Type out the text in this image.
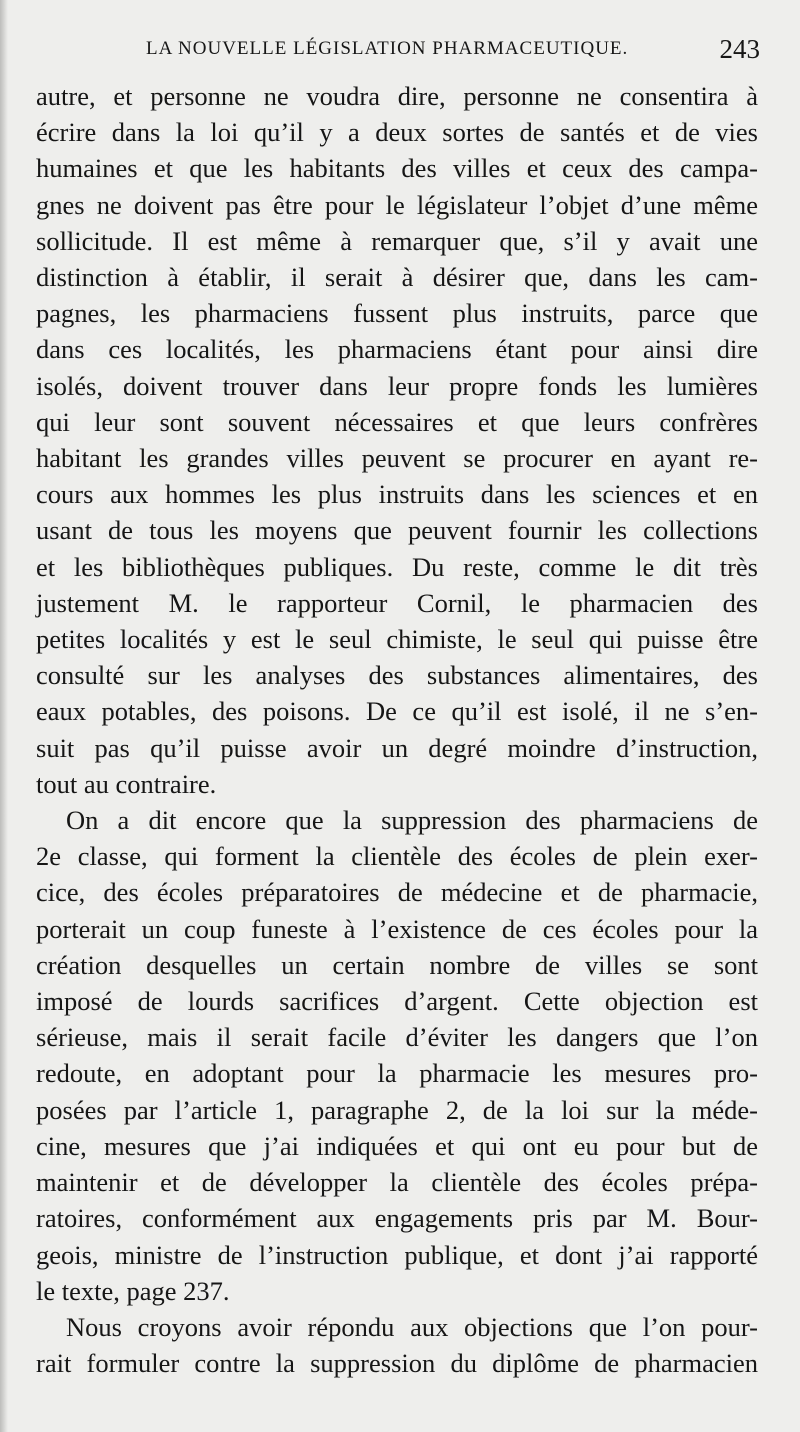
LA NOUVELLE LÉGISLATION PHARMACEUTIQUE.	243
autre, et personne ne voudra dire, personne ne consentira à
écrire dans la loi qu’il y a deux sortes de santés et de vies
humaines et que les habitants des villes et ceux des campa-
gnes ne doivent pas être pour le législateur l’objet d’une même
sollicitude. Il est même à remarquer que, s’il y avait une
distinction à établir, il serait à désirer que, dans les cam-
pagnes, les pharmaciens fussent plus instruits, parce que
dans ces localités, les pharmaciens étant pour ainsi dire
isolés, doivent trouver dans leur propre fonds les lumières
qui leur sont souvent nécessaires et que leurs confrères
habitant les grandes villes peuvent se procurer en ayant re-
cours aux hommes les plus instruits dans les sciences et en
usant de tous les moyens que peuvent fournir les collections
et les bibliothèques publiques. Du reste, comme le dit très
justement M. le rapporteur Cornil, le pharmacien des
petites localités y est le seul chimiste, le seul qui puisse être
consulté sur les analyses des substances alimentaires, des
eaux potables, des poisons. De ce qu’il est isolé, il ne s’en-
suit pas qu’il puisse avoir un degré moindre d’instruction,
tout au contraire.
On a dit encore que la suppression des pharmaciens de
2e classe, qui forment la clientèle des écoles de plein exer-
cice, des écoles préparatoires de médecine et de pharmacie,
porterait un coup funeste à l’existence de ces écoles pour la
création desquelles un certain nombre de villes se sont
imposé de lourds sacrifices d’argent. Cette objection est
sérieuse, mais il serait facile d’éviter les dangers que l’on
redoute, en adoptant pour la pharmacie les mesures pro-
posées par l’article 1, paragraphe 2, de la loi sur la méde-
cine, mesures que j’ai indiquées et qui ont eu pour but de
maintenir et de développer la clientèle des écoles prépa-
ratoires, conformément aux engagements pris par M. Bour-
geois, ministre de l’instruction publique, et dont j’ai rapporté
le texte, page 237.
Nous croyons avoir répondu aux objections que l’on pour-
rait formuler contre la suppression du diplôme de pharmacien
